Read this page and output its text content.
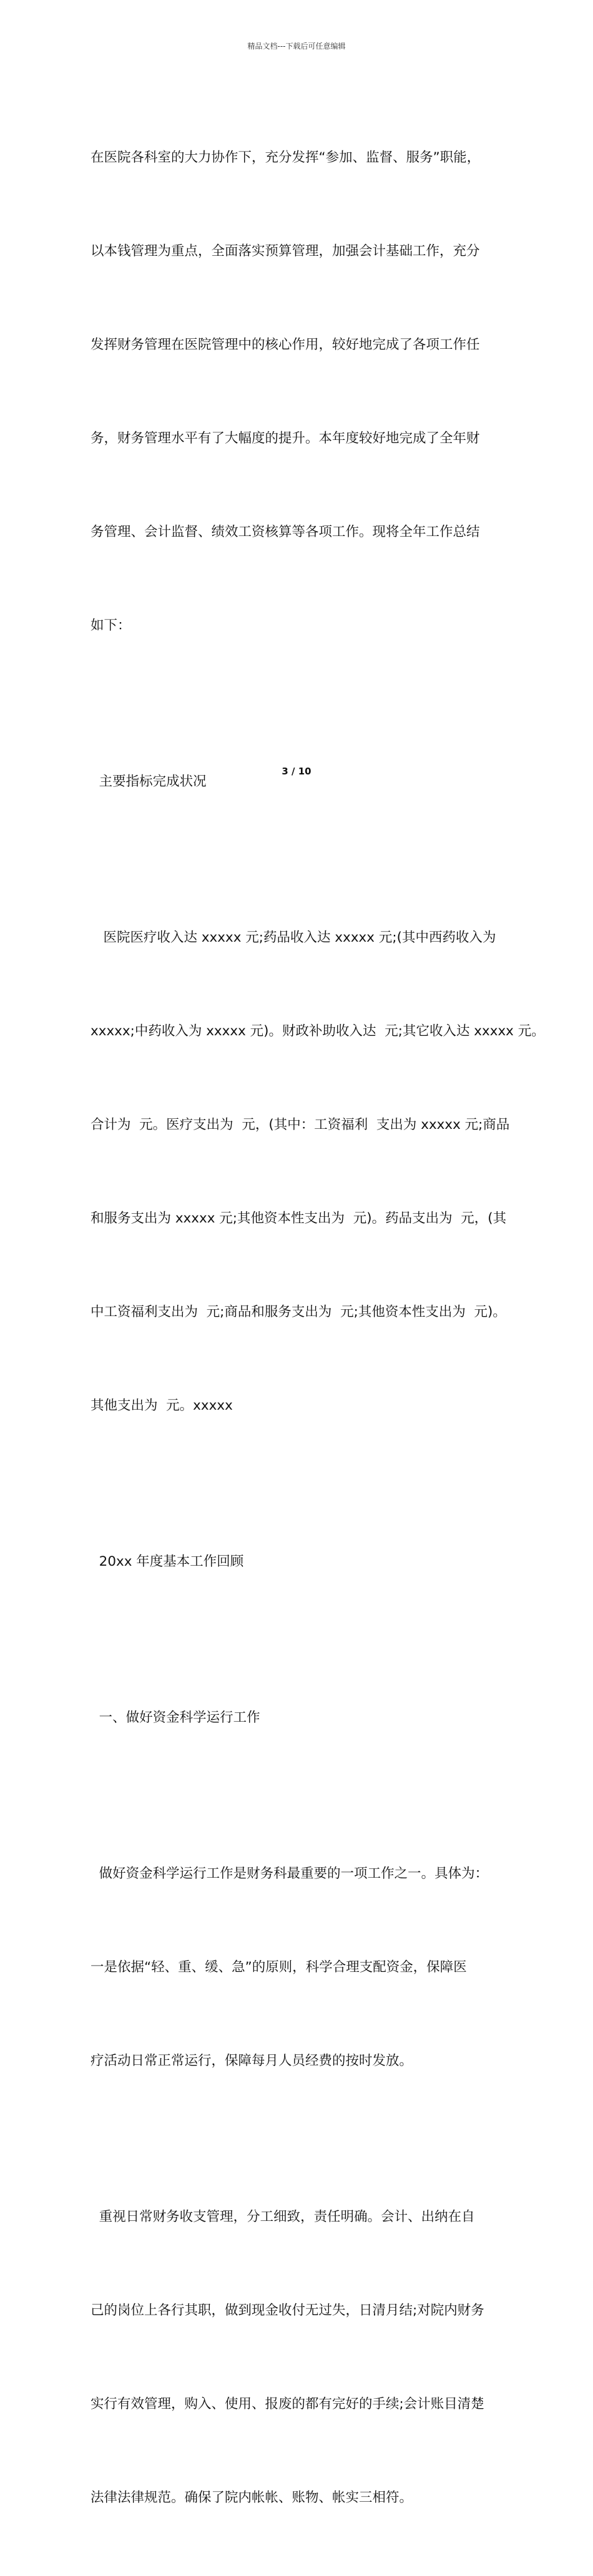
精品文档---下载后可任意编辑

在医院各科室的大力协作下，充分发挥“参加、监督、服务”职能，

以本钱管理为重点，全面落实预算管理，加强会计基础工作，充分

发挥财务管理在医院管理中的核心作用，较好地完成了各项工作任

务，财务管理水平有了大幅度的提升。本年度较好地完成了全年财

务管理、会计监督、绩效工资核算等各项工作。现将全年工作总结

如下：

主要指标完成状况

医院医疗收入达 xxxxx 元;药品收入达 xxxxx 元;(其中西药收入为

xxxxx;中药收入为 xxxxx 元)。财政补助收入达  元;其它收入达 xxxxx 元。

合计为  元。医疗支出为  元，(其中：工资福利  支出为 xxxxx 元;商品

和服务支出为 xxxxx 元;其他资本性支出为  元)。药品支出为  元，(其

中工资福利支出为  元;商品和服务支出为  元;其他资本性支出为  元)。

其他支出为  元。xxxxx

20xx 年度基本工作回顾

一、做好资金科学运行工作

做好资金科学运行工作是财务科最重要的一项工作之一。具体为：

一是依据“轻、重、缓、急”的原则，科学合理支配资金，保障医

疗活动日常正常运行，保障每月人员经费的按时发放。

重视日常财务收支管理，分工细致，责任明确。会计、出纳在自

己的岗位上各行其职，做到现金收付无过失，日清月结;对院内财务

实行有效管理，购入、使用、报废的都有完好的手续;会计账目清楚

法律法律规范。确保了院内帐帐、账物、帐实三相符。

3 / 10
